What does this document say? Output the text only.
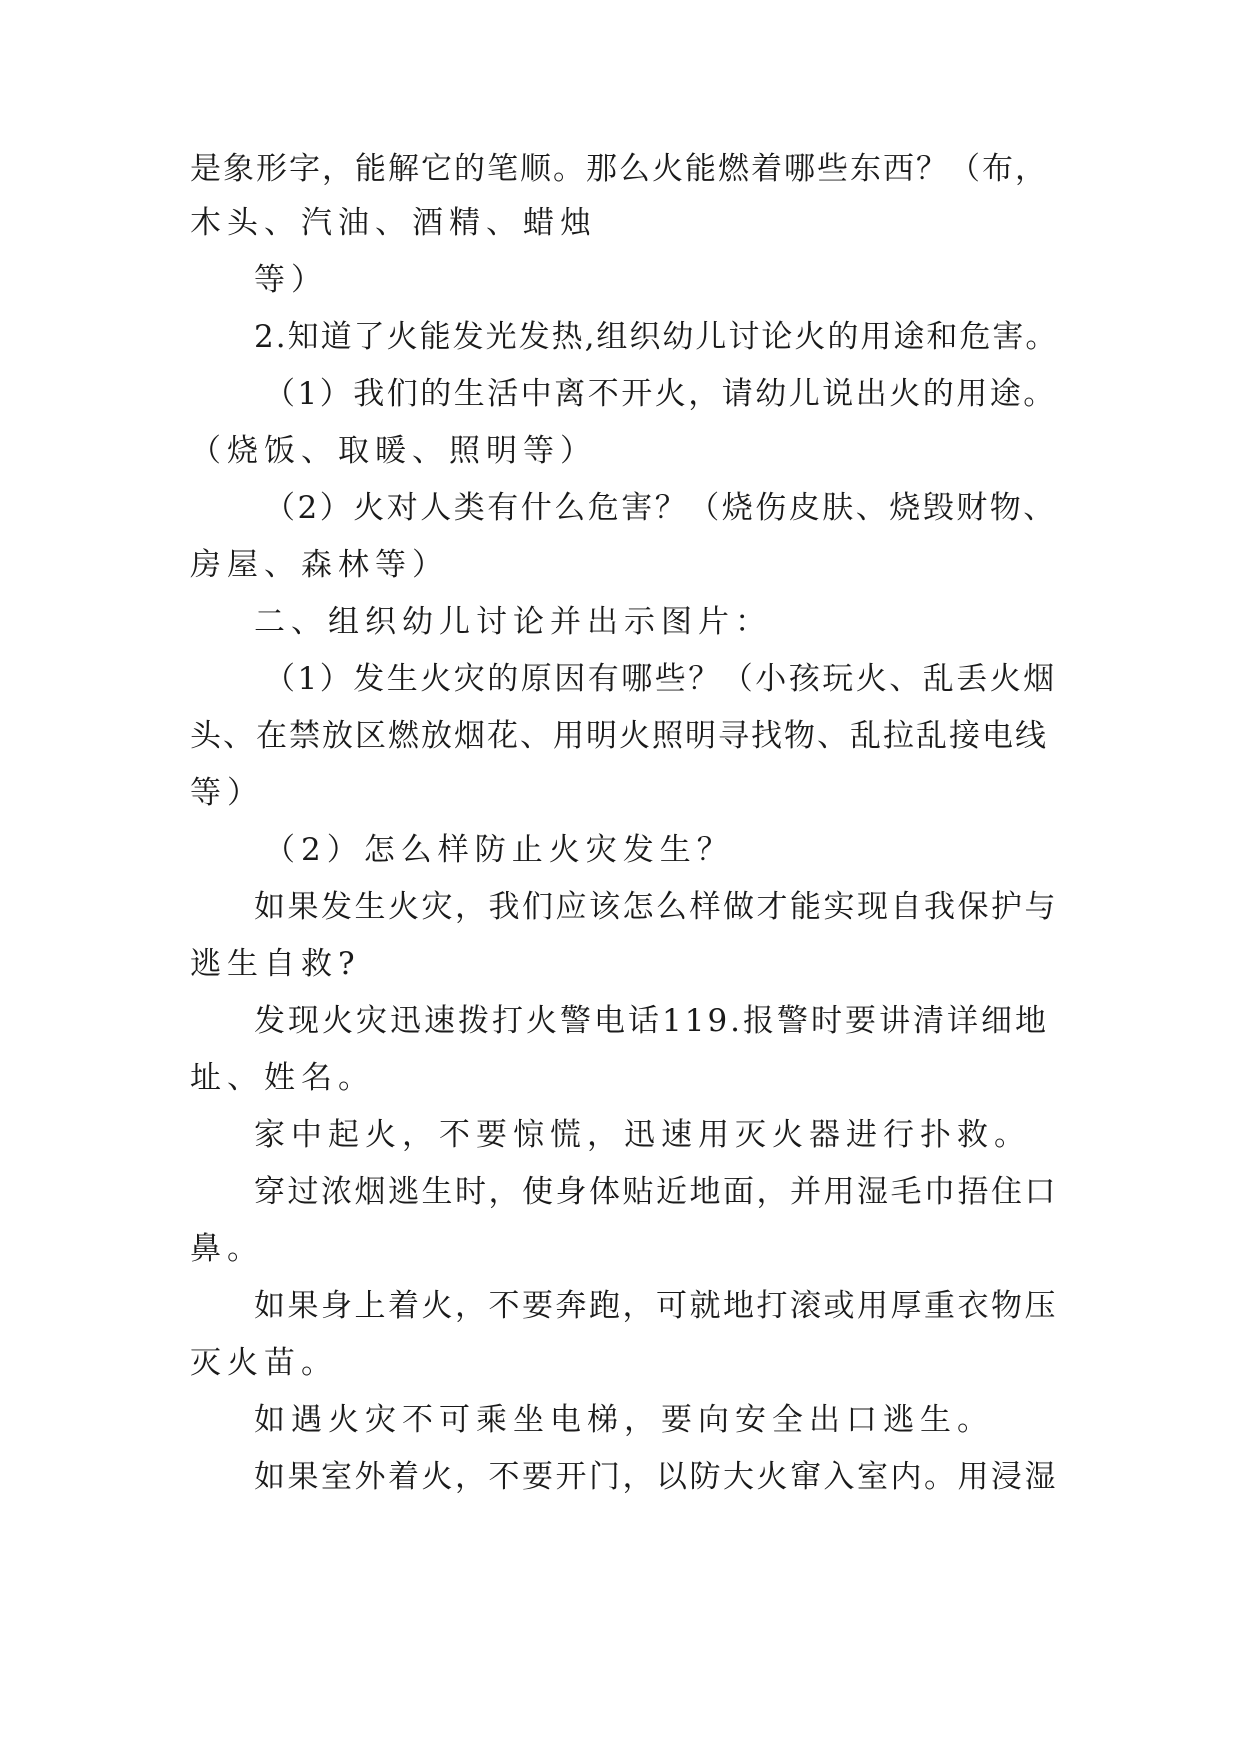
是象形字，能解它的笔顺。那么火能燃着哪些东西？（布，
木头、汽油、酒精、蜡烛
等）
2.知道了火能发光发热,组织幼儿讨论火的用途和危害。
（1）我们的生活中离不开火，请幼儿说出火的用途。
（烧饭、取暖、照明等）
（2）火对人类有什么危害？（烧伤皮肤、烧毁财物、
房屋、森林等）
二、组织幼儿讨论并出示图片：
（1）发生火灾的原因有哪些？（小孩玩火、乱丢火烟
头、在禁放区燃放烟花、用明火照明寻找物、乱拉乱接电线
等）
（2）怎么样防止火灾发生？
如果发生火灾，我们应该怎么样做才能实现自我保护与
逃生自救?
发现火灾迅速拨打火警电话119.报警时要讲清详细地
址、姓名。
家中起火，不要惊慌，迅速用灭火器进行扑救。
穿过浓烟逃生时，使身体贴近地面，并用湿毛巾捂住口
鼻。
如果身上着火，不要奔跑，可就地打滚或用厚重衣物压
灭火苗。
如遇火灾不可乘坐电梯，要向安全出口逃生。
如果室外着火，不要开门，以防大火窜入室内。用浸湿
